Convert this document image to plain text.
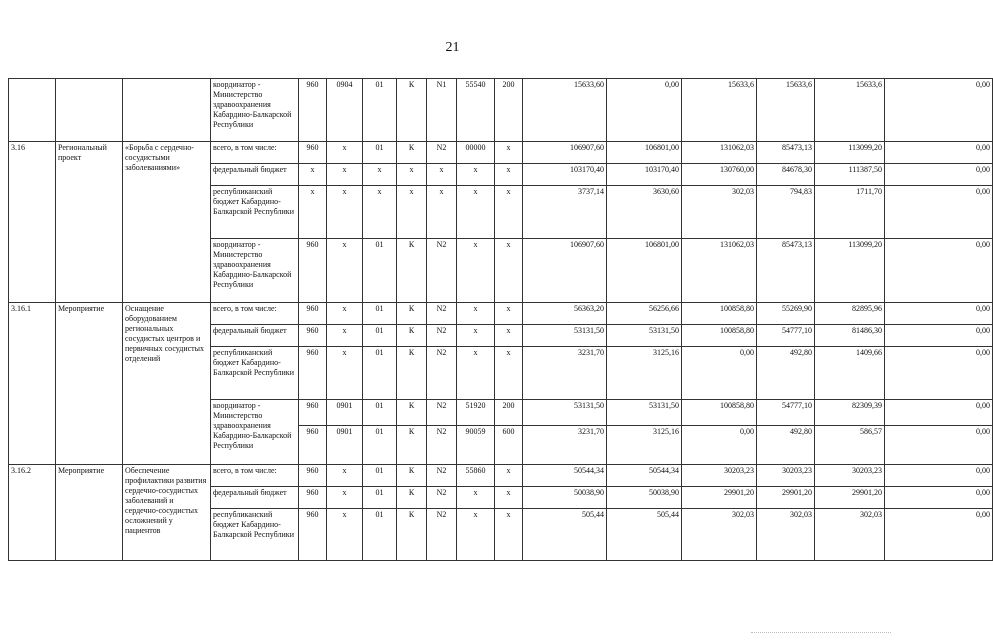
21
			координатор - Министерство здравоохранения Кабардино-Балкарской Республики	960	0904	01	К	N1	55540	200	15633,60	0,00	15633,6	15633,6	15633,6	0,00
3.16	Региональный проект	«Борьба с сердечно-сосудистыми заболеваниями»	всего, в том числе:	960	x	01	К	N2	00000	x	106907,60	106801,00	131062,03	85473,13	113099,20	0,00
			федеральный бюджет	x	x	x	x	x	x	x	103170,40	103170,40	130760,00	84678,30	111387,50	0,00
			республиканский бюджет Кабардино-Балкарской Республики	x	x	x	x	x	x	x	3737,14	3630,60	302,03	794,83	1711,70	0,00
			координатор - Министерство здравоохранения Кабардино-Балкарской Республики	960	x	01	К	N2	x	x	106907,60	106801,00	131062,03	85473,13	113099,20	0,00
3.16.1	Мероприятие	Оснащение оборудованием региональных сосудистых центров и первичных сосудистых отделений	всего, в том числе:	960	x	01	К	N2	x	x	56363,20	56256,66	100858,80	55269,90	82895,96	0,00
			федеральный бюджет	960	x	01	К	N2	x	x	53131,50	53131,50	100858,80	54777,10	81486,30	0,00
			республиканский бюджет Кабардино-Балкарской Республики	960	x	01	К	N2	x	x	3231,70	3125,16	0,00	492,80	1409,66	0,00
			координатор - Министерство здравоохранения Кабардино-Балкарской Республики	960	0901	01	К	N2	51920	200	53131,50	53131,50	100858,80	54777,10	82309,39	0,00
				960	0901	01	К	N2	90059	600	3231,70	3125,16	0,00	492,80	586,57	0,00
3.16.2	Мероприятие	Обеспечение профилактики развития сердечно-сосудистых заболеваний и сердечно-сосудистых осложнений у пациентов	всего, в том числе:	960	x	01	К	N2	55860	x	50544,34	50544,34	30203,23	30203,23	30203,23	0,00
			федеральный бюджет	960	x	01	К	N2	x	x	50038,90	50038,90	29901,20	29901,20	29901,20	0,00
			республиканский бюджет Кабардино-Балкарской Республики	960	x	01	К	N2	x	x	505,44	505,44	302,03	302,03	302,03	0,00
